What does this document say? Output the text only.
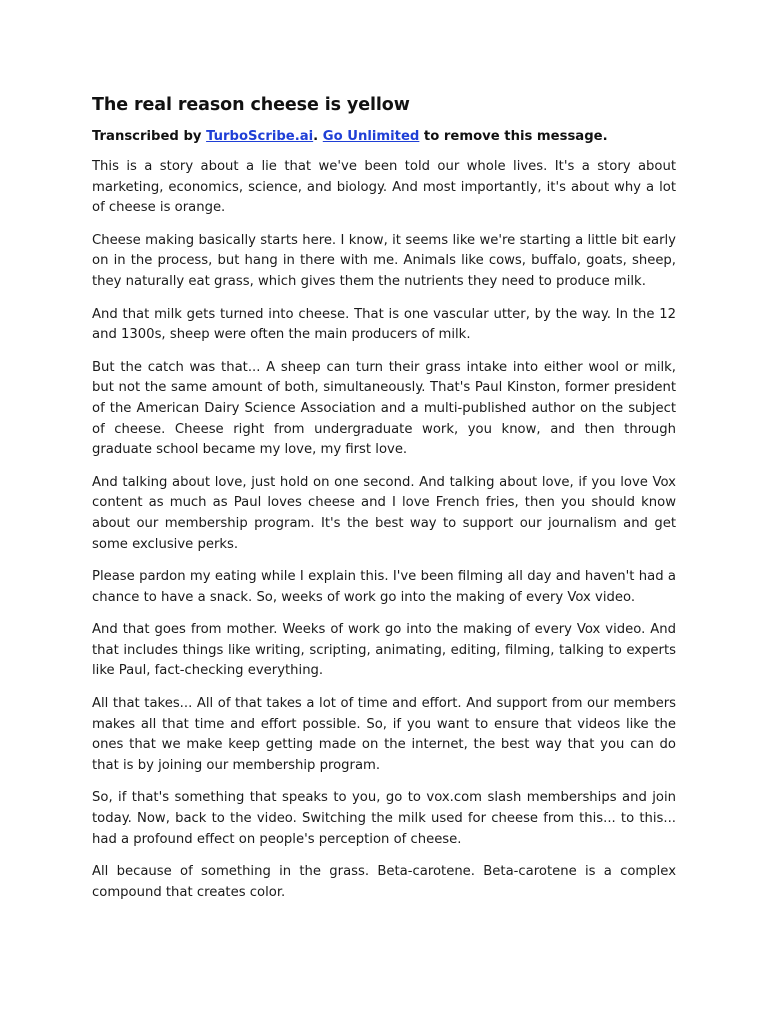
The real reason cheese is yellow

Transcribed by TurboScribe.ai. Go Unlimited to remove this message.

This is a story about a lie that we've been told our whole lives. It's a story about marketing, economics, science, and biology. And most importantly, it's about why a lot of cheese is orange.

Cheese making basically starts here. I know, it seems like we're starting a little bit early on in the process, but hang in there with me. Animals like cows, buffalo, goats, sheep, they naturally eat grass, which gives them the nutrients they need to produce milk.

And that milk gets turned into cheese. That is one vascular utter, by the way. In the 12 and 1300s, sheep were often the main producers of milk.

But the catch was that... A sheep can turn their grass intake into either wool or milk, but not the same amount of both, simultaneously. That's Paul Kinston, former president of the American Dairy Science Association and a multi-published author on the subject of cheese. Cheese right from undergraduate work, you know, and then through graduate school became my love, my first love.

And talking about love, just hold on one second. And talking about love, if you love Vox content as much as Paul loves cheese and I love French fries, then you should know about our membership program. It's the best way to support our journalism and get some exclusive perks.

Please pardon my eating while I explain this. I've been filming all day and haven't had a chance to have a snack. So, weeks of work go into the making of every Vox video.

And that goes from mother. Weeks of work go into the making of every Vox video. And that includes things like writing, scripting, animating, editing, filming, talking to experts like Paul, fact-checking everything.

All that takes... All of that takes a lot of time and effort. And support from our members makes all that time and effort possible. So, if you want to ensure that videos like the ones that we make keep getting made on the internet, the best way that you can do that is by joining our membership program.

So, if that's something that speaks to you, go to vox.com slash memberships and join today. Now, back to the video. Switching the milk used for cheese from this... to this... had a profound effect on people's perception of cheese.

All because of something in the grass. Beta-carotene. Beta-carotene is a complex compound that creates color.
